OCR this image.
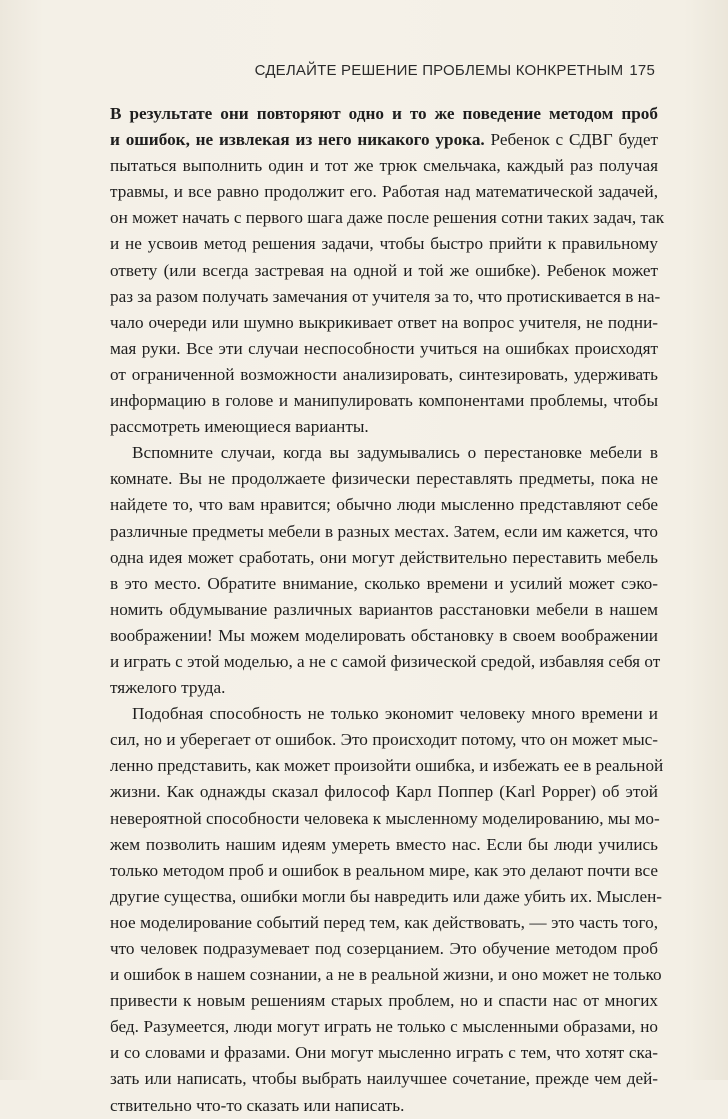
СДЕЛАЙТЕ РЕШЕНИЕ ПРОБЛЕМЫ КОНКРЕТНЫМ 175

В результате они повторяют одно и то же поведение методом проб
и ошибок, не извлекая из него никакого урока. Ребенок с СДВГ будет
пытаться выполнить один и тот же трюк смельчака, каждый раз получая
травмы, и все равно продолжит его. Работая над математической задачей,
он может начать с первого шага даже после решения сотни таких задач, так
и не усвоив метод решения задачи, чтобы быстро прийти к правильному
ответу (или всегда застревая на одной и той же ошибке). Ребенок может
раз за разом получать замечания от учителя за то, что протискивается в на-
чало очереди или шумно выкрикивает ответ на вопрос учителя, не подни-
мая руки. Все эти случаи неспособности учиться на ошибках происходят
от ограниченной возможности анализировать, синтезировать, удерживать
информацию в голове и манипулировать компонентами проблемы, чтобы
рассмотреть имеющиеся варианты.

Вспомните случаи, когда вы задумывались о перестановке мебели в
комнате. Вы не продолжаете физически переставлять предметы, пока не
найдете то, что вам нравится; обычно люди мысленно представляют себе
различные предметы мебели в разных местах. Затем, если им кажется, что
одна идея может сработать, они могут действительно переставить мебель
в это место. Обратите внимание, сколько времени и усилий может сэко-
номить обдумывание различных вариантов расстановки мебели в нашем
воображении! Мы можем моделировать обстановку в своем воображении
и играть с этой моделью, а не с самой физической средой, избавляя себя от
тяжелого труда.

Подобная способность не только экономит человеку много времени и
сил, но и уберегает от ошибок. Это происходит потому, что он может мыс-
ленно представить, как может произойти ошибка, и избежать ее в реальной
жизни. Как однажды сказал философ Карл Поппер (Karl Popper) об этой
невероятной способности человека к мысленному моделированию, мы мо-
жем позволить нашим идеям умереть вместо нас. Если бы люди учились
только методом проб и ошибок в реальном мире, как это делают почти все
другие существа, ошибки могли бы навредить или даже убить их. Мыслен-
ное моделирование событий перед тем, как действовать, — это часть того,
что человек подразумевает под созерцанием. Это обучение методом проб
и ошибок в нашем сознании, а не в реальной жизни, и оно может не только
привести к новым решениям старых проблем, но и спасти нас от многих
бед. Разумеется, люди могут играть не только с мысленными образами, но
и со словами и фразами. Они могут мысленно играть с тем, что хотят ска-
зать или написать, чтобы выбрать наилучшее сочетание, прежде чем дей-
ствительно что-то сказать или написать.
